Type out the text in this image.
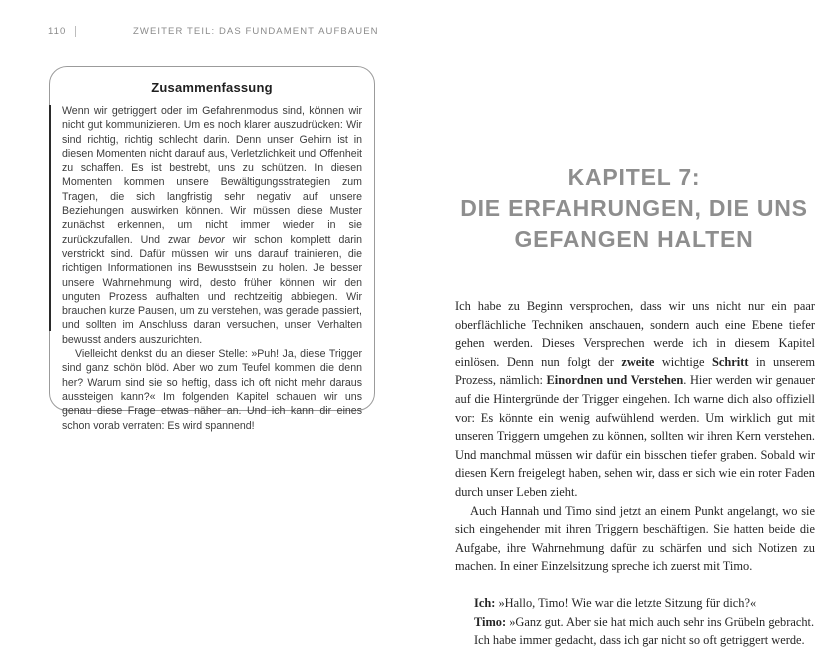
110	ZWEITER TEIL: DAS FUNDAMENT AUFBAUEN
Zusammenfassung

Wenn wir getriggert oder im Gefahrenmodus sind, können wir nicht gut kommunizieren. Um es noch klarer auszudrücken: Wir sind richtig, richtig schlecht darin. Denn unser Gehirn ist in diesen Momenten nicht darauf aus, Verletzlichkeit und Offenheit zu schaffen. Es ist bestrebt, uns zu schützen. In diesen Momenten kommen unsere Bewältigungsstrategien zum Tragen, die sich langfristig sehr negativ auf unsere Beziehungen auswirken können. Wir müssen diese Muster zunächst erkennen, um nicht immer wieder in sie zurückzufallen. Und zwar bevor wir schon komplett darin verstrickt sind. Dafür müssen wir uns darauf trainieren, die richtigen Informationen ins Bewusstsein zu holen. Je besser unsere Wahrnehmung wird, desto früher können wir den unguten Prozess aufhalten und rechtzeitig abbiegen. Wir brauchen kurze Pausen, um zu verstehen, was gerade passiert, und sollten im Anschluss daran versuchen, unser Verhalten bewusst anders auszurichten.

Vielleicht denkst du an dieser Stelle: »Puh! Ja, diese Trigger sind ganz schön blöd. Aber wo zum Teufel kommen die denn her? Warum sind sie so heftig, dass ich oft nicht mehr daraus aussteigen kann?« Im folgenden Kapitel schauen wir uns genau diese Frage etwas näher an. Und ich kann dir eines schon vorab verraten: Es wird spannend!

KAPITEL 7:
DIE ERFAHRUNGEN, DIE UNS
GEFANGEN HALTEN

Ich habe zu Beginn versprochen, dass wir uns nicht nur ein paar oberflächliche Techniken anschauen, sondern auch eine Ebene tiefer gehen werden. Dieses Versprechen werde ich in diesem Kapitel einlösen. Denn nun folgt der zweite wichtige Schritt in unserem Prozess, nämlich: Einordnen und Verstehen. Hier werden wir genauer auf die Hintergründe der Trigger eingehen. Ich warne dich also offiziell vor: Es könnte ein wenig aufwühlend werden. Um wirklich gut mit unseren Triggern umgehen zu können, sollten wir ihren Kern verstehen. Und manchmal müssen wir dafür ein bisschen tiefer graben. Sobald wir diesen Kern freigelegt haben, sehen wir, dass er sich wie ein roter Faden durch unser Leben zieht.

Auch Hannah und Timo sind jetzt an einem Punkt angelangt, wo sie sich eingehender mit ihren Triggern beschäftigen. Sie hatten beide die Aufgabe, ihre Wahrnehmung dafür zu schärfen und sich Notizen zu machen. In einer Einzelsitzung spreche ich zuerst mit Timo.

Ich: »Hallo, Timo! Wie war die letzte Sitzung für dich?«

Timo: »Ganz gut. Aber sie hat mich auch sehr ins Grübeln gebracht. Ich habe immer gedacht, dass ich gar nicht so oft getriggert werde.
